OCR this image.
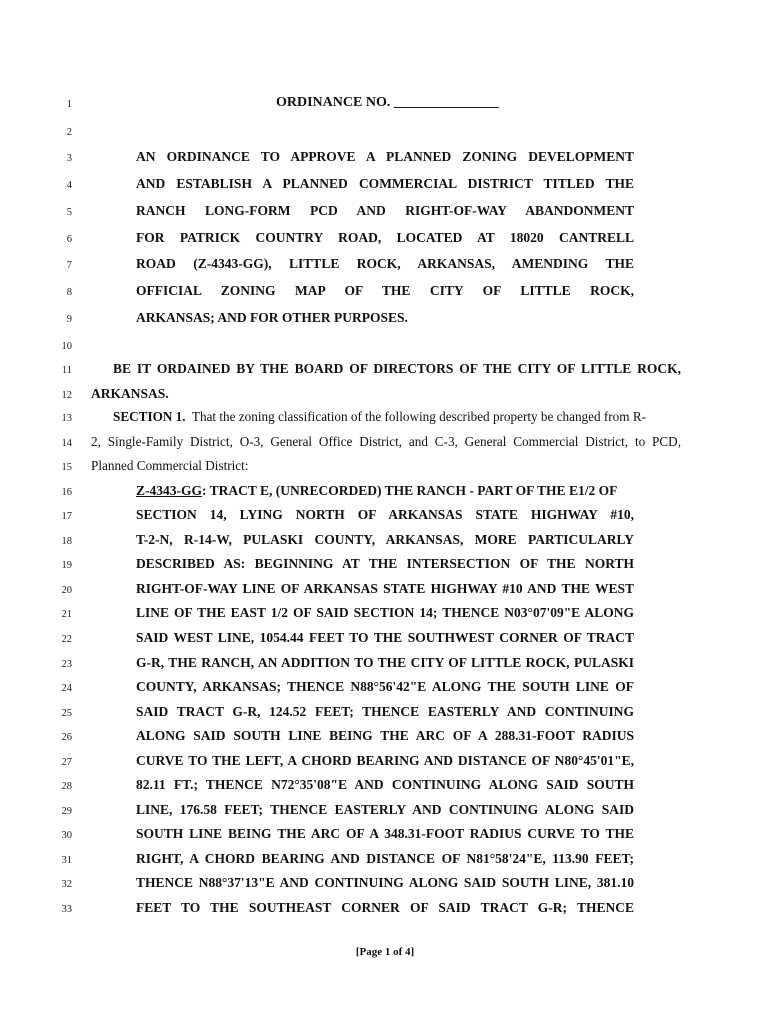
1	ORDINANCE NO. _______________
2
3	AN ORDINANCE TO APPROVE A PLANNED ZONING DEVELOPMENT
4	AND ESTABLISH A PLANNED COMMERCIAL DISTRICT TITLED THE
5	RANCH LONG-FORM PCD AND RIGHT-OF-WAY ABANDONMENT
6	FOR PATRICK COUNTRY ROAD, LOCATED AT 18020 CANTRELL
7	ROAD (Z-4343-GG), LITTLE ROCK, ARKANSAS, AMENDING THE
8	OFFICIAL ZONING MAP OF THE CITY OF LITTLE ROCK,
9	ARKANSAS; AND FOR OTHER PURPOSES.
10
11	BE IT ORDAINED BY THE BOARD OF DIRECTORS OF THE CITY OF LITTLE ROCK,
12 ARKANSAS.
13	SECTION 1. That the zoning classification of the following described property be changed from R-
14 2, Single-Family District, O-3, General Office District, and C-3, General Commercial District, to PCD,
15 Planned Commercial District:
16	Z-4343-GG: TRACT E, (UNRECORDED) THE RANCH - PART OF THE E1/2 OF
17	SECTION 14, LYING NORTH OF ARKANSAS STATE HIGHWAY #10,
18	T-2-N, R-14-W, PULASKI COUNTY, ARKANSAS, MORE PARTICULARLY
19	DESCRIBED AS: BEGINNING AT THE INTERSECTION OF THE NORTH
20	RIGHT-OF-WAY LINE OF ARKANSAS STATE HIGHWAY #10 AND THE WEST
21	LINE OF THE EAST 1/2 OF SAID SECTION 14; THENCE N03°07'09"E ALONG
22	SAID WEST LINE, 1054.44 FEET TO THE SOUTHWEST CORNER OF TRACT
23	G-R, THE RANCH, AN ADDITION TO THE CITY OF LITTLE ROCK, PULASKI
24	COUNTY, ARKANSAS; THENCE N88°56'42"E ALONG THE SOUTH LINE OF
25	SAID TRACT G-R, 124.52 FEET; THENCE EASTERLY AND CONTINUING
26	ALONG SAID SOUTH LINE BEING THE ARC OF A 288.31-FOOT RADIUS
27	CURVE TO THE LEFT, A CHORD BEARING AND DISTANCE OF N80°45'01"E,
28	82.11 FT.; THENCE N72°35'08"E AND CONTINUING ALONG SAID SOUTH
29	LINE, 176.58 FEET; THENCE EASTERLY AND CONTINUING ALONG SAID
30	SOUTH LINE BEING THE ARC OF A 348.31-FOOT RADIUS CURVE TO THE
31	RIGHT, A CHORD BEARING AND DISTANCE OF N81°58'24"E, 113.90 FEET;
32	THENCE N88°37'13"E AND CONTINUING ALONG SAID SOUTH LINE, 381.10
33	FEET TO THE SOUTHEAST CORNER OF SAID TRACT G-R; THENCE
[Page 1 of 4]
